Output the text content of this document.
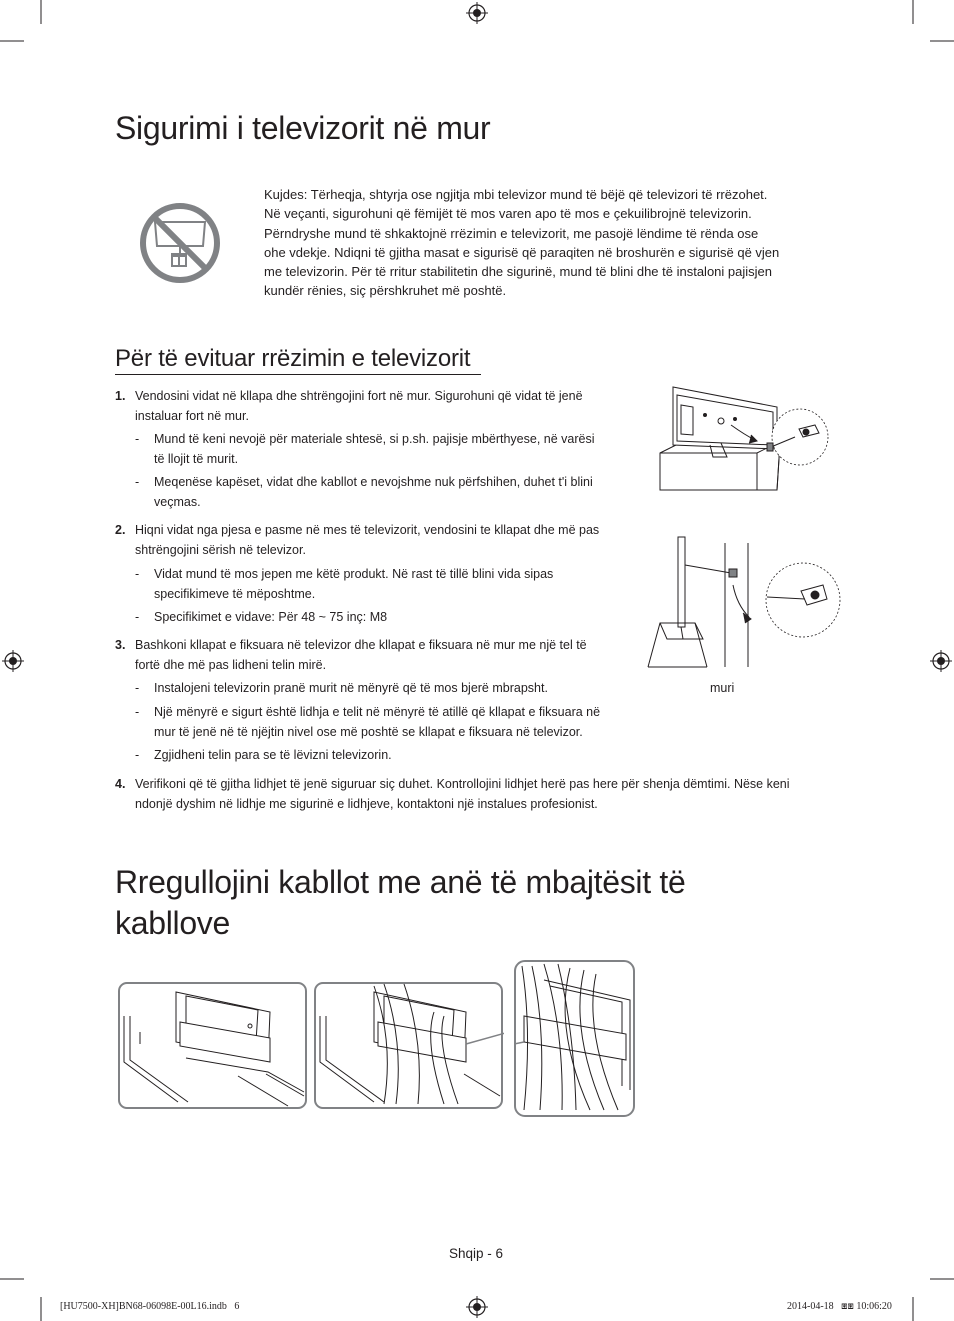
Sigurimi i televizorit në mur
Kujdes: Tërheqja, shtyrja ose ngjitja mbi televizor mund të bëjë që televizori të rrëzohet.
Në veçanti, sigurohuni që fëmijët të mos varen apo të mos e çekuilibrojnë televizorin.
Përndryshe mund të shkaktojnë rrëzimin e televizorit, me pasojë lëndime të rënda ose
ohe vdekje. Ndiqni të gjitha masat e sigurisë që paraqiten në broshurën e sigurisë që vjen
me televizorin. Për të rritur stabilitetin dhe sigurinë, mund të blini dhe të instaloni pajisjen
kundër rënies, siç përshkruhet më poshtë.
Për të evituar rrëzimin e televizorit
1. Vendosini vidat në kllapa dhe shtrëngojini fort në mur. Sigurohuni që vidat të jenë
instaluar fort në mur.
- Mund të keni nevojë për materiale shtesë, si p.sh. pajisje mbërthyese, në varësi
të llojit të murit.
- Meqenëse kapëset, vidat dhe kabllot e nevojshme nuk përfshihen, duhet t'i blini
veçmas.
2. Hiqni vidat nga pjesa e pasme në mes të televizorit, vendosini te kllapat dhe më pas
shtrëngojini sërish në televizor.
- Vidat mund të mos jepen me këtë produkt. Në rast të tillë blini vida sipas
specifikimeve të mëposhtme.
- Specifikimet e vidave: Për 48 ~ 75 inç: M8
3. Bashkoni kllapat e fiksuara në televizor dhe kllapat e fiksuara në mur me një tel të
fortë dhe më pas lidheni telin mirë.
- Instalojeni televizorin pranë murit në mënyrë që të mos bjerë mbrapsht.
- Një mënyrë e sigurt është lidhja e telit në mënyrë të atillë që kllapat e fiksuara në
mur të jenë në të njëjtin nivel ose më poshtë se kllapat e fiksuara në televizor.
- Zgjidheni telin para se të lëvizni televizorin.
4. Verifikoni që të gjitha lidhjet të jenë siguruar siç duhet. Kontrollojini lidhjet herë pas here për shenja dëmtimi. Nëse keni
ndonjë dyshim në lidhje me sigurinë e lidhjeve, kontaktoni një instalues profesionist.
muri
Rregullojini kabllot me anë të mbajtësit të
kabllove
Shqip - 6
[HU7500-XH]BN68-06098E-00L16.indb   6	2014-04-18   ⧆⧆ 10:06:20
